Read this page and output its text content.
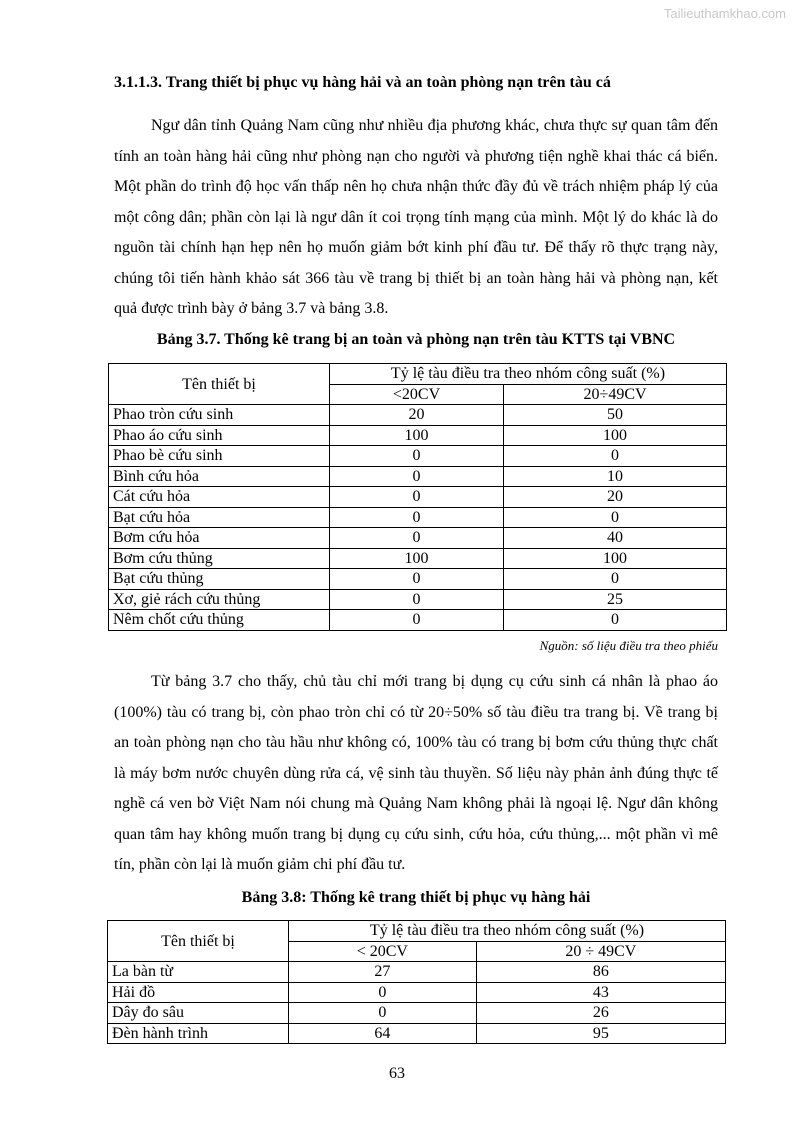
Tailieuthamkhao.com
3.1.1.3. Trang thiết bị phục vụ hàng hải và an toàn phòng nạn trên tàu cá

Ngư dân tỉnh Quảng Nam cũng như nhiều địa phương khác, chưa thực sự quan tâm đến tính an toàn hàng hải cũng như phòng nạn cho người và phương tiện nghề khai thác cá biển. Một phần do trình độ học vấn thấp nên họ chưa nhận thức đầy đủ về trách nhiệm pháp lý của một công dân; phần còn lại là ngư dân ít coi trọng tính mạng của mình. Một lý do khác là do nguồn tài chính hạn hẹp nên họ muốn giảm bớt kinh phí đầu tư. Để thấy rõ thực trạng này, chúng tôi tiến hành khảo sát 366 tàu về trang bị thiết bị an toàn hàng hải và phòng nạn, kết quả được trình bày ở bảng 3.7 và bảng 3.8.

Bảng 3.7. Thống kê trang bị an toàn và phòng nạn trên tàu KTTS tại VBNC
Tên thiết bị	Tỷ lệ tàu điều tra theo nhóm công suất (%)	
	<20CV	20÷49CV
Phao tròn cứu sinh	20	50
Phao áo cứu sinh	100	100
Phao bè cứu sinh	0	0
Bình cứu hỏa	0	10
Cát cứu hỏa	0	20
Bạt cứu hỏa	0	0
Bơm cứu hỏa	0	40
Bơm cứu thủng	100	100
Bạt cứu thủng	0	0
Xơ, giẻ rách cứu thủng	0	25
Nêm chốt cứu thủng	0	0
Nguồn: số liệu điều tra theo phiếu

Từ bảng 3.7 cho thấy, chủ tàu chỉ mới trang bị dụng cụ cứu sinh cá nhân là phao áo (100%) tàu có trang bị, còn phao tròn chỉ có từ 20÷50% số tàu điều tra trang bị. Về trang bị an toàn phòng nạn cho tàu hầu như không có, 100% tàu có trang bị bơm cứu thủng thực chất là máy bơm nước chuyên dùng rửa cá, vệ sinh tàu thuyền. Số liệu này phản ảnh đúng thực tế nghề cá ven bờ Việt Nam nói chung mà Quảng Nam không phải là ngoại lệ. Ngư dân không quan tâm hay không muốn trang bị dụng cụ cứu sinh, cứu hỏa, cứu thủng,... một phần vì mê tín, phần còn lại là muốn giảm chi phí đầu tư.

Bảng 3.8: Thống kê trang thiết bị phục vụ hàng hải
Tên thiết bị	Tỷ lệ tàu điều tra theo nhóm công suất (%)	
	< 20CV	20 ÷ 49CV
La bàn từ	27	86
Hải đồ	0	43
Dây đo sâu	0	26
Đèn hành trình	64	95
63
